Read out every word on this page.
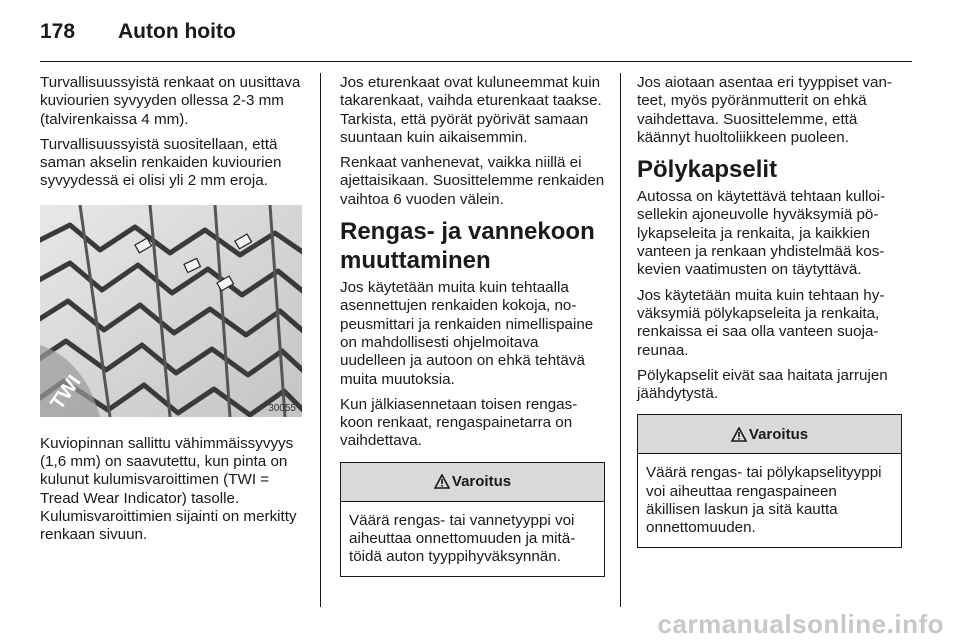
178 Auton hoito

Turvallisuussyistä renkaat on uusittava kuviourien syvyyden ollessa 2-3 mm (talvirenkaissa 4 mm).

Turvallisuussyistä suositellaan, että saman akselin renkaiden kuviourien syvyydessä ei olisi yli 2 mm eroja.

TWI	30055

Kuviopinnan sallittu vähimmäissyvyys (1,6 mm) on saavutettu, kun pinta on kulunut kulumisvaroittimen (TWI = Tread Wear Indicator) tasolle. Kulumisvaroittimien sijainti on merkitty renkaan sivuun.

Jos eturenkaat ovat kuluneemmat kuin takarenkaat, vaihda eturenkaat taakse. Tarkista, että pyörät pyörivät samaan suuntaan kuin aikaisemmin.

Renkaat vanhenevat, vaikka niillä ei ajettaisikaan. Suosittelemme renkaiden vaihtoa 6 vuoden välein.

Rengas- ja vannekoon muuttaminen

Jos käytetään muita kuin tehtaalla asennettujen renkaiden kokoja, nopeusmittari ja renkaiden nimellispaine on mahdollisesti ohjelmoitava uudelleen ja autoon on ehkä tehtävä muita muutoksia.

Kun jälkiasennetaan toisen rengaskoon renkaat, rengaspainetarra on vaihdettava.

Varoitus
Väärä rengas- tai vannetyyppi voi aiheuttaa onnettomuuden ja mitätöidä auton tyyppihyväksynnän.

Jos aiotaan asentaa eri tyyppiset vanteet, myös pyöränmutterit on ehkä vaihdettava. Suosittelemme, että käännyt huoltoliikkeen puoleen.

Pölykapselit

Autossa on käytettävä tehtaan kulloisellekin ajoneuvolle hyväksymiä pölykapseleita ja renkaita, ja kaikkien vanteen ja renkaan yhdistelmää koskevien vaatimusten on täytyttävä.

Jos käytetään muita kuin tehtaan hyväksymiä pölykapseleita ja renkaita, renkaissa ei saa olla vanteen suojareunaa.

Pölykapselit eivät saa haitata jarrujen jäähdytystä.

Varoitus
Väärä rengas- tai pölykapselityyppi voi aiheuttaa rengaspaineen äkillisen laskun ja sitä kautta onnettomuuden.
carmanualsonline.info
